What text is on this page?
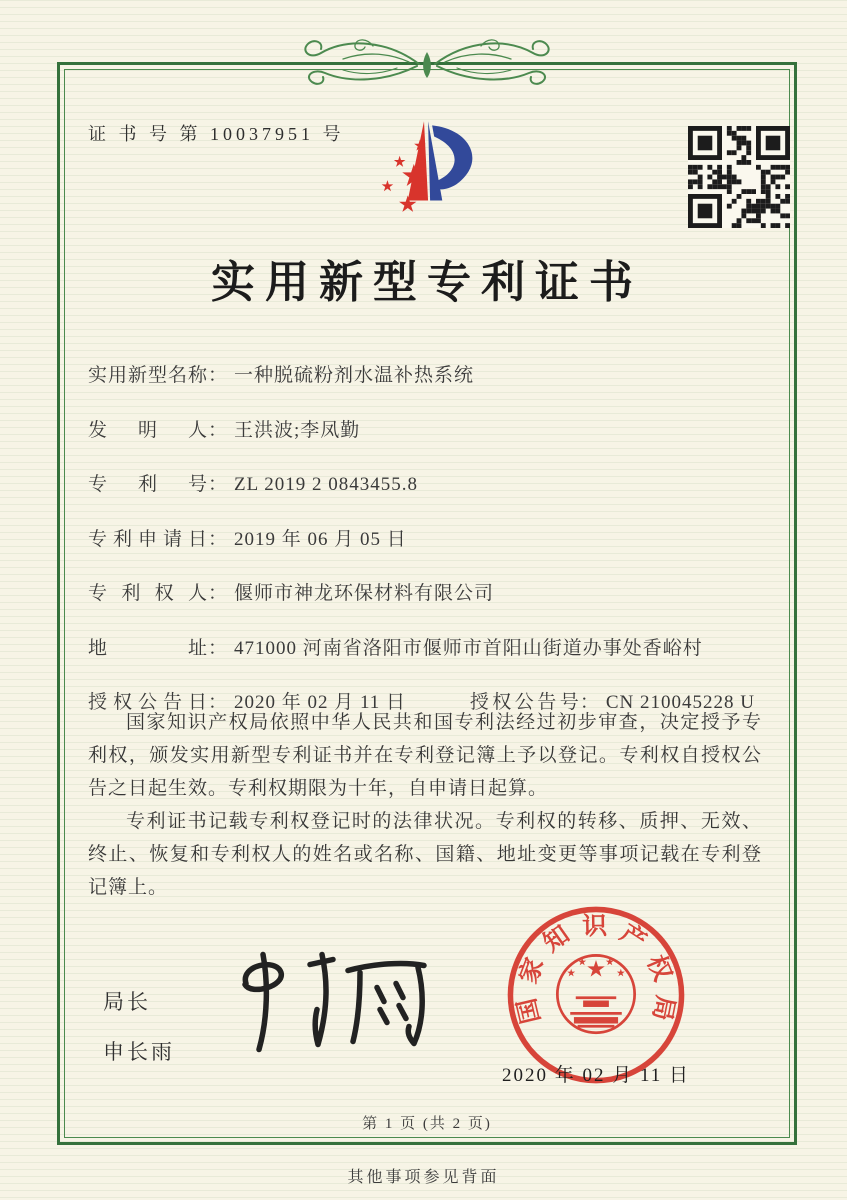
证 书 号 第 10037951 号
实用新型专利证书
实用新型名称： 一种脱硫粉剂水温补热系统
发明人： 王洪波;李凤勤
专利号： ZL 2019 2 0843455.8
专利申请日： 2019 年 06 月 05 日
专利权人： 偃师市神龙环保材料有限公司
地址： 471000 河南省洛阳市偃师市首阳山街道办事处香峪村
授权公告日： 2020 年 02 月 11 日	授权公告号： CN 210045228 U

国家知识产权局依照中华人民共和国专利法经过初步审查，决定授予专利权，颁发实用新型专利证书并在专利登记簿上予以登记。专利权自授权公告之日起生效。专利权期限为十年，自申请日起算。

专利证书记载专利权登记时的法律状况。专利权的转移、质押、无效、终止、恢复和专利权人的姓名或名称、国籍、地址变更等事项记载在专利登记簿上。

局长
申长雨
国家知识产权局
2020 年 02 月 11 日
第 1 页 (共 2 页)
其他事项参见背面
